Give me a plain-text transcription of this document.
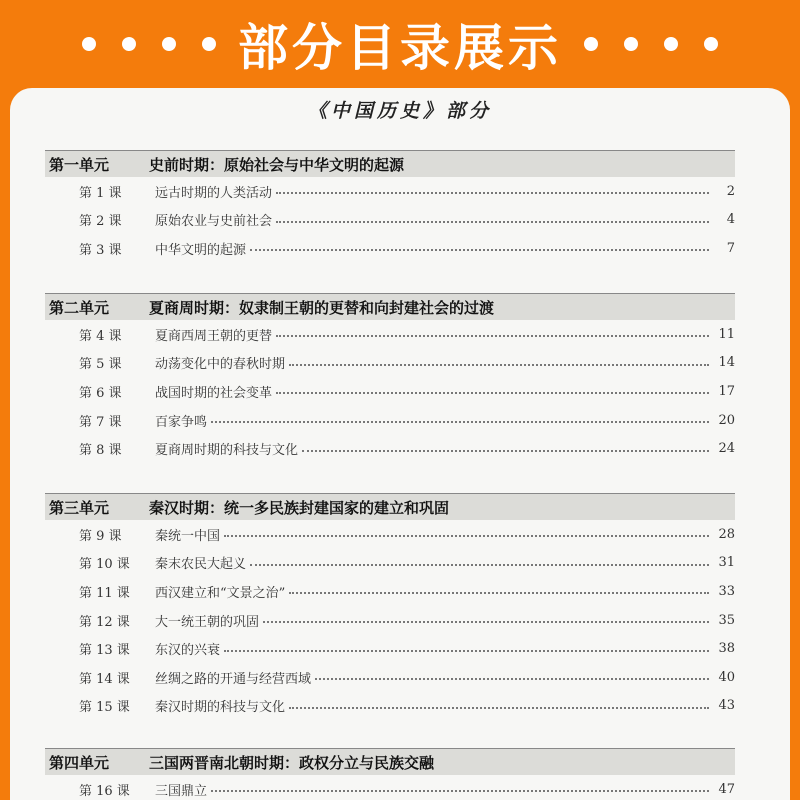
部分目录展示
《中国历史》部分
第一单元	史前时期：原始社会与中华文明的起源
第 1 课	远古时期的人类活动	2
第 2 课	原始农业与史前社会	4
第 3 课	中华文明的起源	7
第二单元	夏商周时期：奴隶制王朝的更替和向封建社会的过渡
第 4 课	夏商西周王朝的更替	11
第 5 课	动荡变化中的春秋时期	14
第 6 课	战国时期的社会变革	17
第 7 课	百家争鸣	20
第 8 课	夏商周时期的科技与文化	24
第三单元	秦汉时期：统一多民族封建国家的建立和巩固
第 9 课	秦统一中国	28
第 10 课	秦末农民大起义	31
第 11 课	西汉建立和“文景之治”	33
第 12 课	大一统王朝的巩固	35
第 13 课	东汉的兴衰	38
第 14 课	丝绸之路的开通与经营西域	40
第 15 课	秦汉时期的科技与文化	43
第四单元	三国两晋南北朝时期：政权分立与民族交融
第 16 课	三国鼎立	47
